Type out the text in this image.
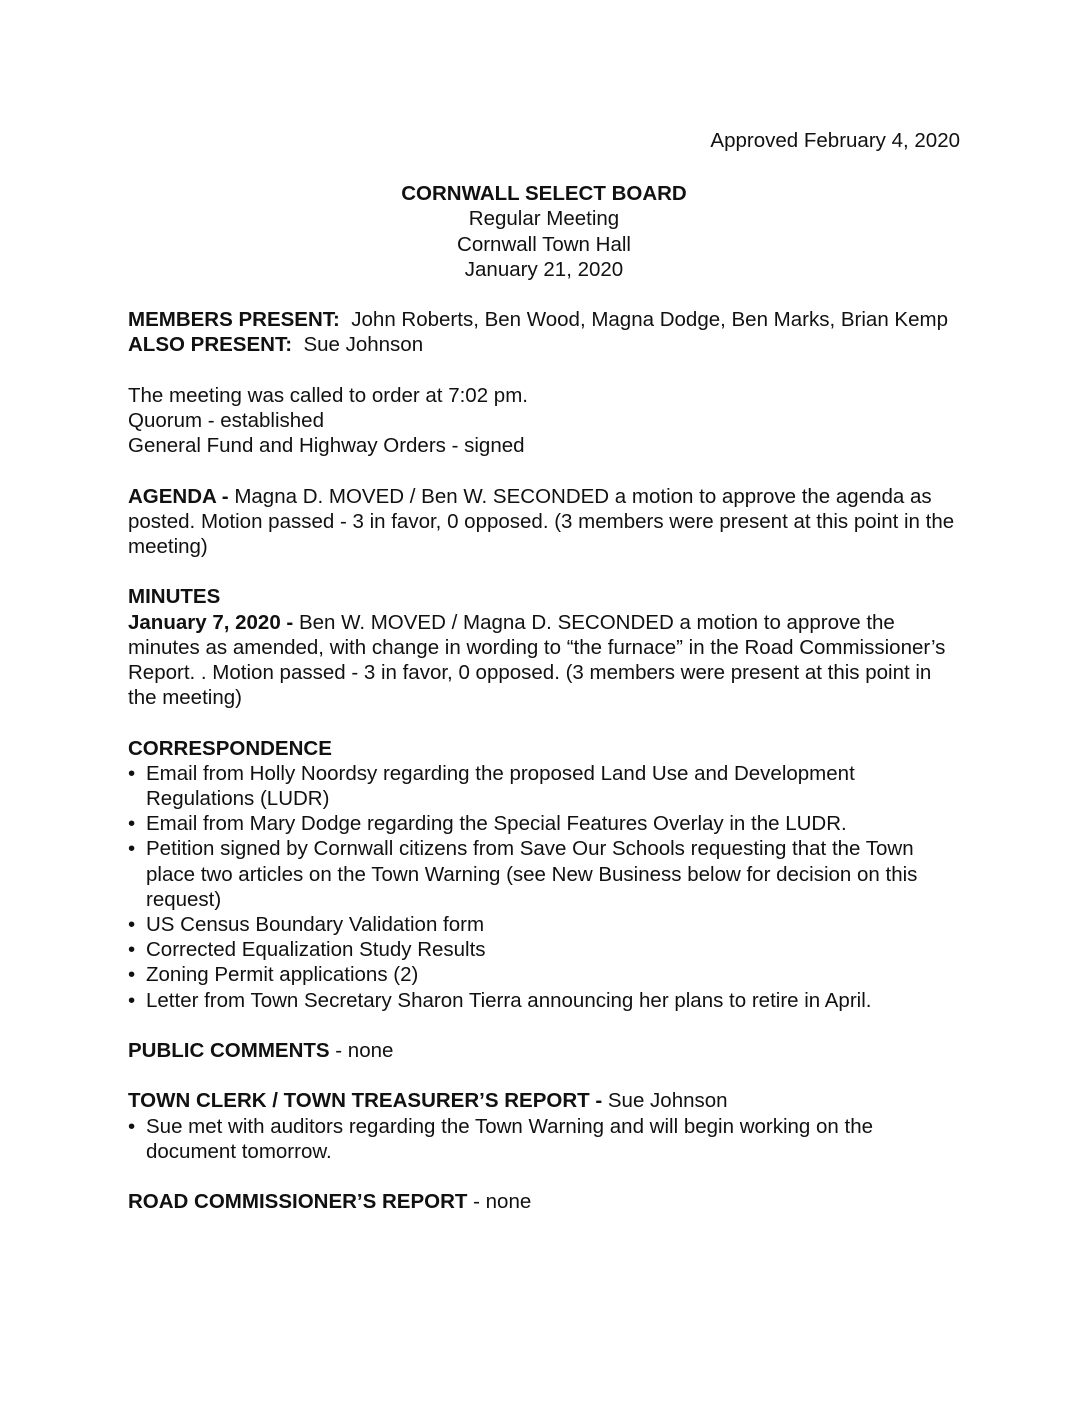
Approved February 4, 2020

CORNWALL SELECT BOARD
Regular Meeting
Cornwall Town Hall
January 21, 2020

MEMBERS PRESENT: John Roberts, Ben Wood, Magna Dodge, Ben Marks, Brian Kemp

ALSO PRESENT: Sue Johnson

The meeting was called to order at 7:02 pm.

Quorum - established

General Fund and Highway Orders - signed

AGENDA - Magna D. MOVED / Ben W. SECONDED a motion to approve the agenda as posted. Motion passed - 3 in favor, 0 opposed. (3 members were present at this point in the meeting)

MINUTES

January 7, 2020 - Ben W. MOVED / Magna D. SECONDED a motion to approve the minutes as amended, with change in wording to “the furnace” in the Road Commissioner’s Report. . Motion passed - 3 in favor, 0 opposed. (3 members were present at this point in the meeting)

CORRESPONDENCE

• Email from Holly Noordsy regarding the proposed Land Use and Development Regulations (LUDR)
• Email from Mary Dodge regarding the Special Features Overlay in the LUDR.
• Petition signed by Cornwall citizens from Save Our Schools requesting that the Town place two articles on the Town Warning (see New Business below for decision on this request)
• US Census Boundary Validation form
• Corrected Equalization Study Results
• Zoning Permit applications (2)
• Letter from Town Secretary Sharon Tierra announcing her plans to retire in April.

PUBLIC COMMENTS - none

TOWN CLERK / TOWN TREASURER’S REPORT - Sue Johnson

• Sue met with auditors regarding the Town Warning and will begin working on the document tomorrow.

ROAD COMMISSIONER’S REPORT - none
